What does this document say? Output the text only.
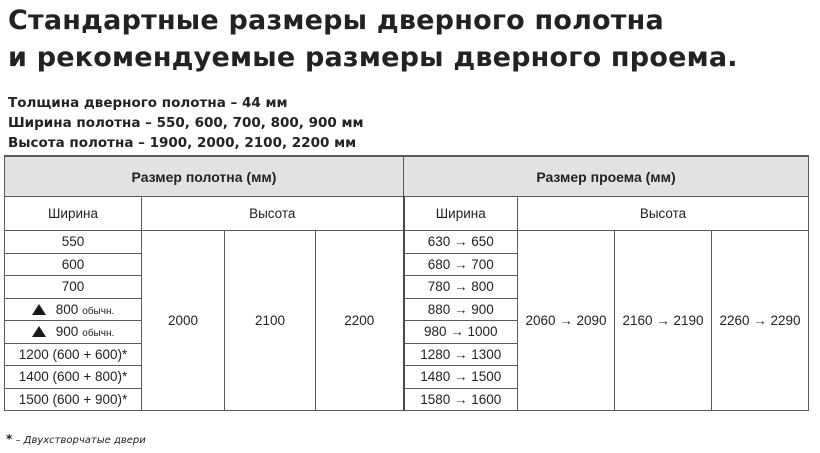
Стандартные размеры дверного полотна
и рекомендуемые размеры дверного проема.
Толщина дверного полотна – 44 мм
Ширина полотна – 550, 600, 700, 800, 900 мм
Высота полотна – 1900, 2000, 2100, 2200 мм
Размер полотна (мм)				Размер проема (мм)			
Ширина	Высота			Ширина	Высота		
550	2000	2100	2200	630 → 650	2060 → 2090	2160 → 2190	2260 → 2290
600				680 → 700			
700				780 → 800			
800 обычн.				880 → 900			
900 обычн.				980 → 1000			
1200 (600 + 600)*				1280 → 1300			
1400 (600 + 800)*				1480 → 1500			
1500 (600 + 900)*				1580 → 1600			
* – Двухстворчатые двери
